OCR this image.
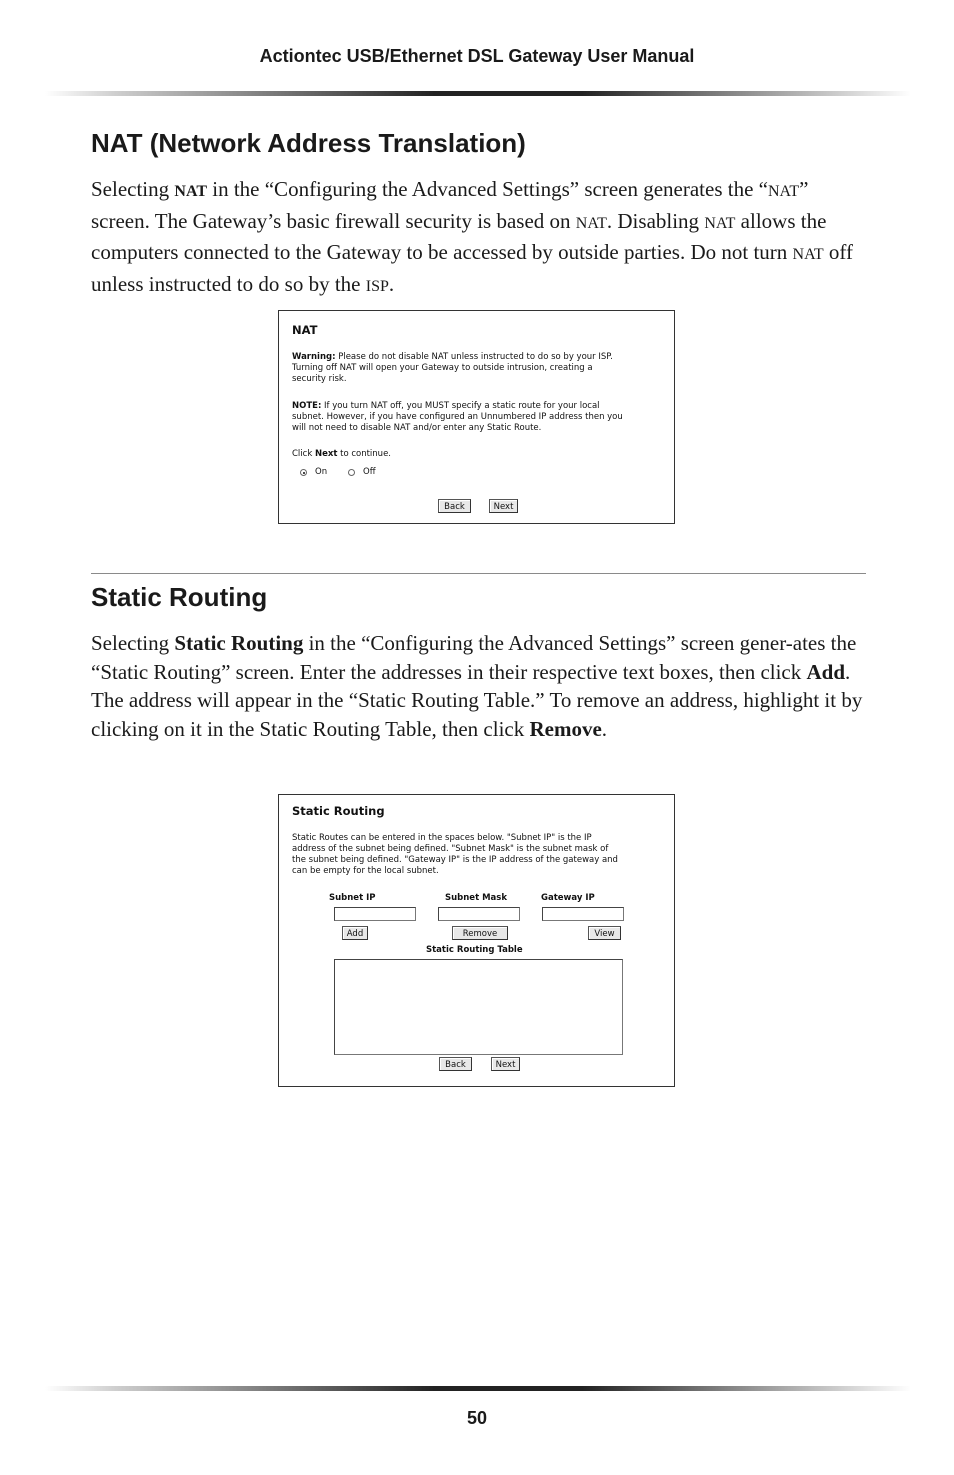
Actiontec USB/Ethernet DSL Gateway User Manual
NAT (Network Address Translation)

Selecting NAT in the “Configuring the Advanced Settings” screen generates the “NAT” screen. The Gateway’s basic firewall security is based on NAT. Disabling NAT allows the computers connected to the Gateway to be accessed by outside parties. Do not turn NAT off unless instructed to do so by the ISP.

NAT
Warning: Please do not disable NAT unless instructed to do so by your ISP.
Turning off NAT will open your Gateway to outside intrusion, creating a
security risk.
NOTE: If you turn NAT off, you MUST specify a static route for your local
subnet. However, if you have configured an Unnumbered IP address then you
will not need to disable NAT and/or enter any Static Route.
Click Next to continue.
On	Off
Back	Next
Static Routing

Selecting Static Routing in the “Configuring the Advanced Settings” screen gener-ates the “Static Routing” screen. Enter the addresses in their respective text boxes, then click Add. The address will appear in the “Static Routing Table.” To remove an address, highlight it by clicking on it in the Static Routing Table, then click Remove.

Static Routing
Static Routes can be entered in the spaces below. "Subnet IP" is the IP
address of the subnet being defined. "Subnet Mask" is the subnet mask of
the subnet being defined. "Gateway IP" is the IP address of the gateway and
can be empty for the local subnet.
Subnet IP	Subnet Mask	Gateway IP
Add	Remove	View
Static Routing Table
Back	Next
50
